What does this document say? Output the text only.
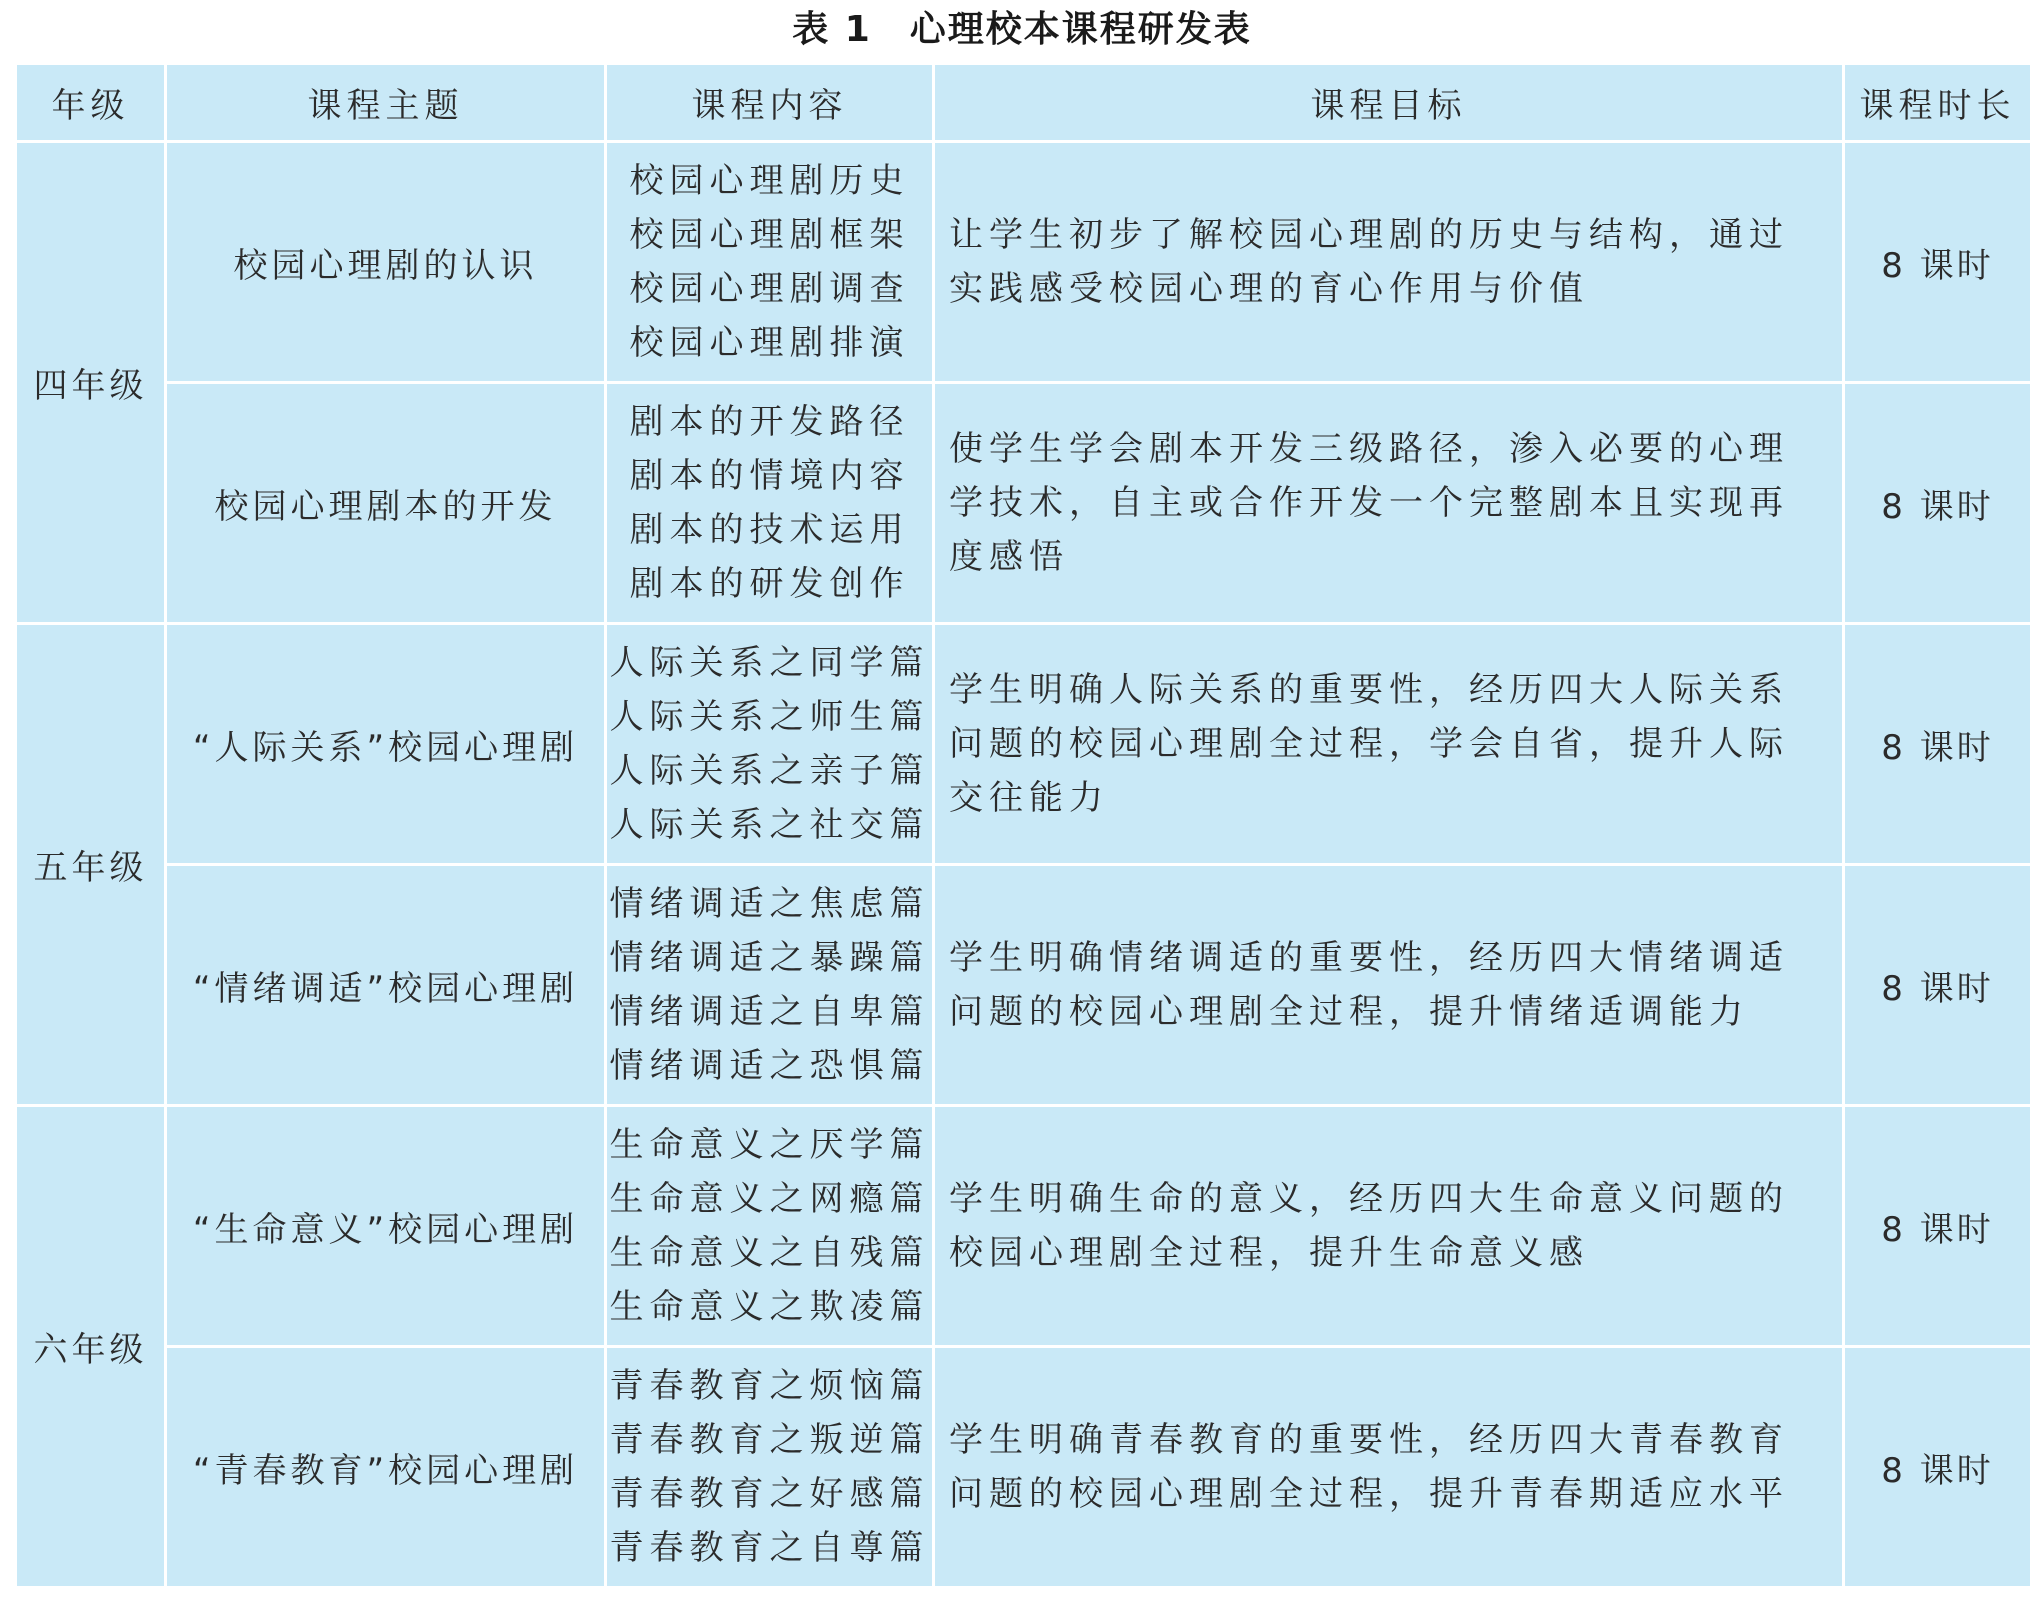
表 1　心理校本课程研发表
年级	课程主题	课程内容	课程目标	课程时长
四年级	校园心理剧的认识	校园心理剧历史
校园心理剧框架
校园心理剧调查
校园心理剧排演	让学生初步了解校园心理剧的历史与结构，通过实践感受校园心理的育心作用与价值	8 课时
	校园心理剧本的开发	剧本的开发路径
剧本的情境内容
剧本的技术运用
剧本的研发创作	使学生学会剧本开发三级路径，渗入必要的心理学技术，自主或合作开发一个完整剧本且实现再度感悟	8 课时
五年级	“人际关系”校园心理剧	人际关系之同学篇
人际关系之师生篇
人际关系之亲子篇
人际关系之社交篇	学生明确人际关系的重要性，经历四大人际关系问题的校园心理剧全过程，学会自省，提升人际交往能力	8 课时
	“情绪调适”校园心理剧	情绪调适之焦虑篇
情绪调适之暴躁篇
情绪调适之自卑篇
情绪调适之恐惧篇	学生明确情绪调适的重要性，经历四大情绪调适问题的校园心理剧全过程，提升情绪适调能力	8 课时
六年级	“生命意义”校园心理剧	生命意义之厌学篇
生命意义之网瘾篇
生命意义之自残篇
生命意义之欺凌篇	学生明确生命的意义，经历四大生命意义问题的校园心理剧全过程，提升生命意义感	8 课时
	“青春教育”校园心理剧	青春教育之烦恼篇
青春教育之叛逆篇
青春教育之好感篇
青春教育之自尊篇	学生明确青春教育的重要性，经历四大青春教育问题的校园心理剧全过程，提升青春期适应水平	8 课时
